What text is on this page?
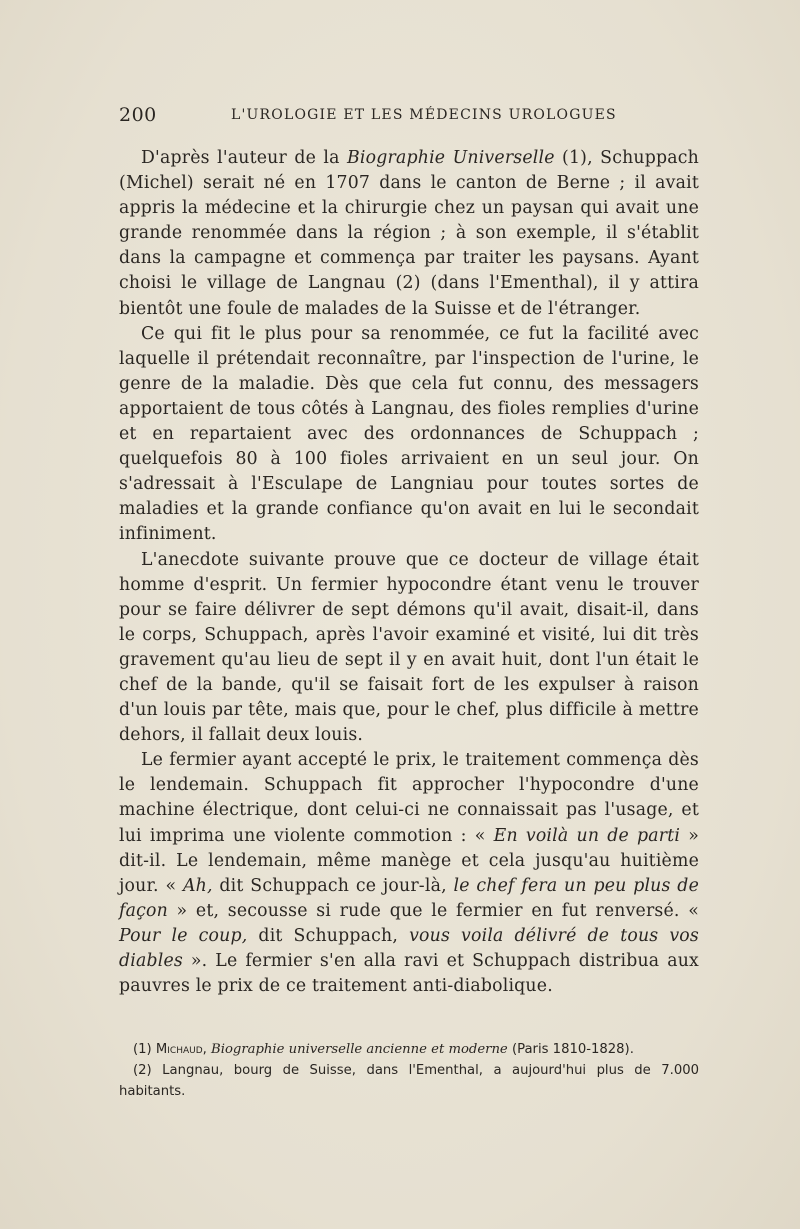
200	L'UROLOGIE ET LES MÉDECINS UROLOGUES

D'après l'auteur de la Biographie Universelle (1), Schuppach (Michel) serait né en 1707 dans le canton de Berne ; il avait appris la médecine et la chirurgie chez un paysan qui avait une grande renommée dans la région ; à son exemple, il s'établit dans la campagne et commença par traiter les paysans. Ayant choisi le village de Langnau (2) (dans l'Ementhal), il y attira bientôt une foule de malades de la Suisse et de l'étranger.

Ce qui fit le plus pour sa renommée, ce fut la facilité avec laquelle il prétendait reconnaître, par l'inspection de l'urine, le genre de la maladie. Dès que cela fut connu, des messagers apportaient de tous côtés à Langnau, des fioles remplies d'urine et en repartaient avec des ordonnances de Schuppach ; quelquefois 80 à 100 fioles arrivaient en un seul jour. On s'adressait à l'Esculape de Langniau pour toutes sortes de maladies et la grande confiance qu'on avait en lui le secondait infiniment.

L'anecdote suivante prouve que ce docteur de village était homme d'esprit. Un fermier hypocondre étant venu le trouver pour se faire délivrer de sept démons qu'il avait, disait-il, dans le corps, Schuppach, après l'avoir examiné et visité, lui dit très gravement qu'au lieu de sept il y en avait huit, dont l'un était le chef de la bande, qu'il se faisait fort de les expulser à raison d'un louis par tête, mais que, pour le chef, plus difficile à mettre dehors, il fallait deux louis.

Le fermier ayant accepté le prix, le traitement commença dès le lendemain. Schuppach fit approcher l'hypocondre d'une machine électrique, dont celui-ci ne connaissait pas l'usage, et lui imprima une violente commotion : « En voilà un de parti » dit-il. Le lendemain, même manège et cela jusqu'au huitième jour. « Ah, dit Schuppach ce jour-là, le chef fera un peu plus de façon » et, secousse si rude que le fermier en fut renversé. « Pour le coup, dit Schuppach, vous voila délivré de tous vos diables ». Le fermier s'en alla ravi et Schuppach distribua aux pauvres le prix de ce traitement anti-diabolique.

(1) Michaud, Biographie universelle ancienne et moderne (Paris 1810-1828).

(2) Langnau, bourg de Suisse, dans l'Ementhal, a aujourd'hui plus de 7.000 habitants.
